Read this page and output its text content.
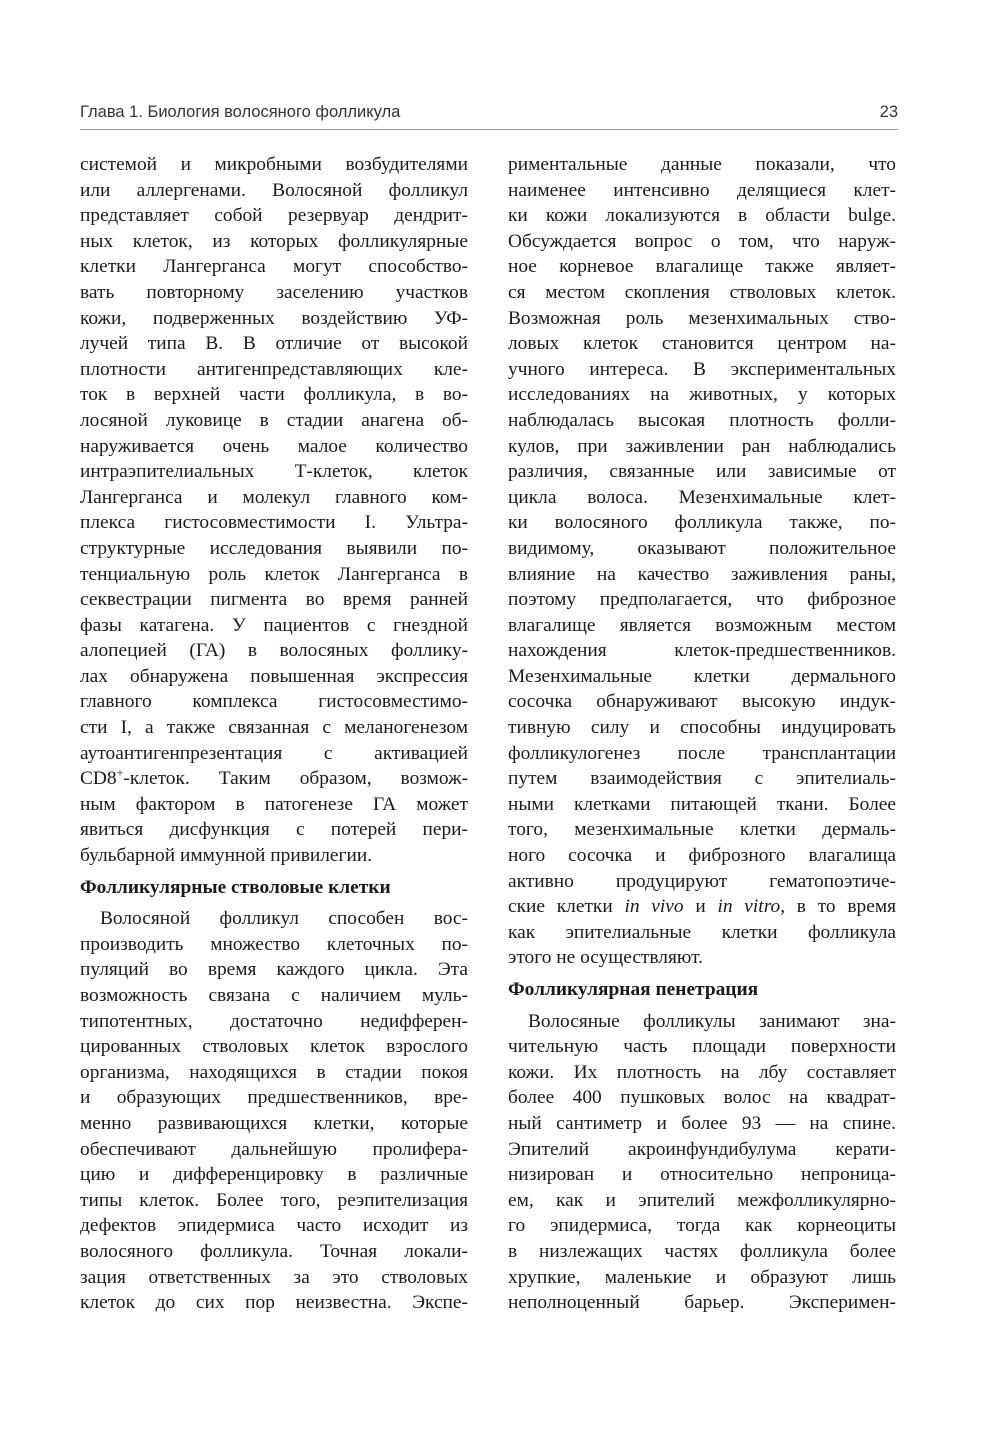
Глава 1. Биология волосяного фолликула	23
системой и микробными возбудителями
или аллергенами. Волосяной фолликул
представляет собой резервуар дендрит-
ных клеток, из которых фолликулярные
клетки Лангерганса могут способство-
вать повторному заселению участков
кожи, подверженных воздействию УФ-
лучей типа В. В отличие от высокой
плотности антигенпредставляющих кле-
ток в верхней части фолликула, в во-
лосяной луковице в стадии анагена об-
наруживается очень малое количество
интраэпителиальных Т-клеток, клеток
Лангерганса и молекул главного ком-
плекса гистосовместимости I. Ультра-
структурные исследования выявили по-
тенциальную роль клеток Лангерганса в
секвестрации пигмента во время ранней
фазы катагена. У пациентов с гнездной
алопецией (ГА) в волосяных фоллику-
лах обнаружена повышенная экспрессия
главного комплекса гистосовместимо-
сти I, а также связанная с меланогенезом
аутоантигенпрезентация с активацией
CD8+-клеток. Таким образом, возмож-
ным фактором в патогенезе ГА может
явиться дисфункция с потерей пери-
бульбарной иммунной привилегии.
Фолликулярные стволовые клетки
Волосяной фолликул способен вос-
производить множество клеточных по-
пуляций во время каждого цикла. Эта
возможность связана с наличием муль-
типотентных, достаточно недифферен-
цированных стволовых клеток взрослого
организма, находящихся в стадии покоя
и образующих предшественников, вре-
менно развивающихся клетки, которые
обеспечивают дальнейшую пролифера-
цию и дифференцировку в различные
типы клеток. Более того, реэпителизация
дефектов эпидермиса часто исходит из
волосяного фолликула. Точная локали-
зация ответственных за это стволовых
клеток до сих пор неизвестна. Экспе-
риментальные данные показали, что
наименее интенсивно делящиеся клет-
ки кожи локализуются в области bulge.
Обсуждается вопрос о том, что наруж-
ное корневое влагалище также являет-
ся местом скопления стволовых клеток.
Возможная роль мезенхимальных ство-
ловых клеток становится центром на-
учного интереса. В экспериментальных
исследованиях на животных, у которых
наблюдалась высокая плотность фолли-
кулов, при заживлении ран наблюдались
различия, связанные или зависимые от
цикла волоса. Мезенхимальные клет-
ки волосяного фолликула также, по-
видимому, оказывают положительное
влияние на качество заживления раны,
поэтому предполагается, что фиброзное
влагалище является возможным местом
нахождения клеток-предшественников.
Мезенхимальные клетки дермального
сосочка обнаруживают высокую индук-
тивную силу и способны индуцировать
фолликулогенез после трансплантации
путем взаимодействия с эпителиаль-
ными клетками питающей ткани. Более
того, мезенхимальные клетки дермаль-
ного сосочка и фиброзного влагалища
активно продуцируют гематопоэтиче-
ские клетки in vivo и in vitro, в то время
как эпителиальные клетки фолликула
этого не осуществляют.
Фолликулярная пенетрация
Волосяные фолликулы занимают зна-
чительную часть площади поверхности
кожи. Их плотность на лбу составляет
более 400 пушковых волос на квадрат-
ный сантиметр и более 93 — на спине.
Эпителий акроинфундибулума керати-
низирован и относительно непроница-
ем, как и эпителий межфолликулярно-
го эпидермиса, тогда как корнеоциты
в низлежащих частях фолликула более
хрупкие, маленькие и образуют лишь
неполноценный барьер. Эксперимен-
